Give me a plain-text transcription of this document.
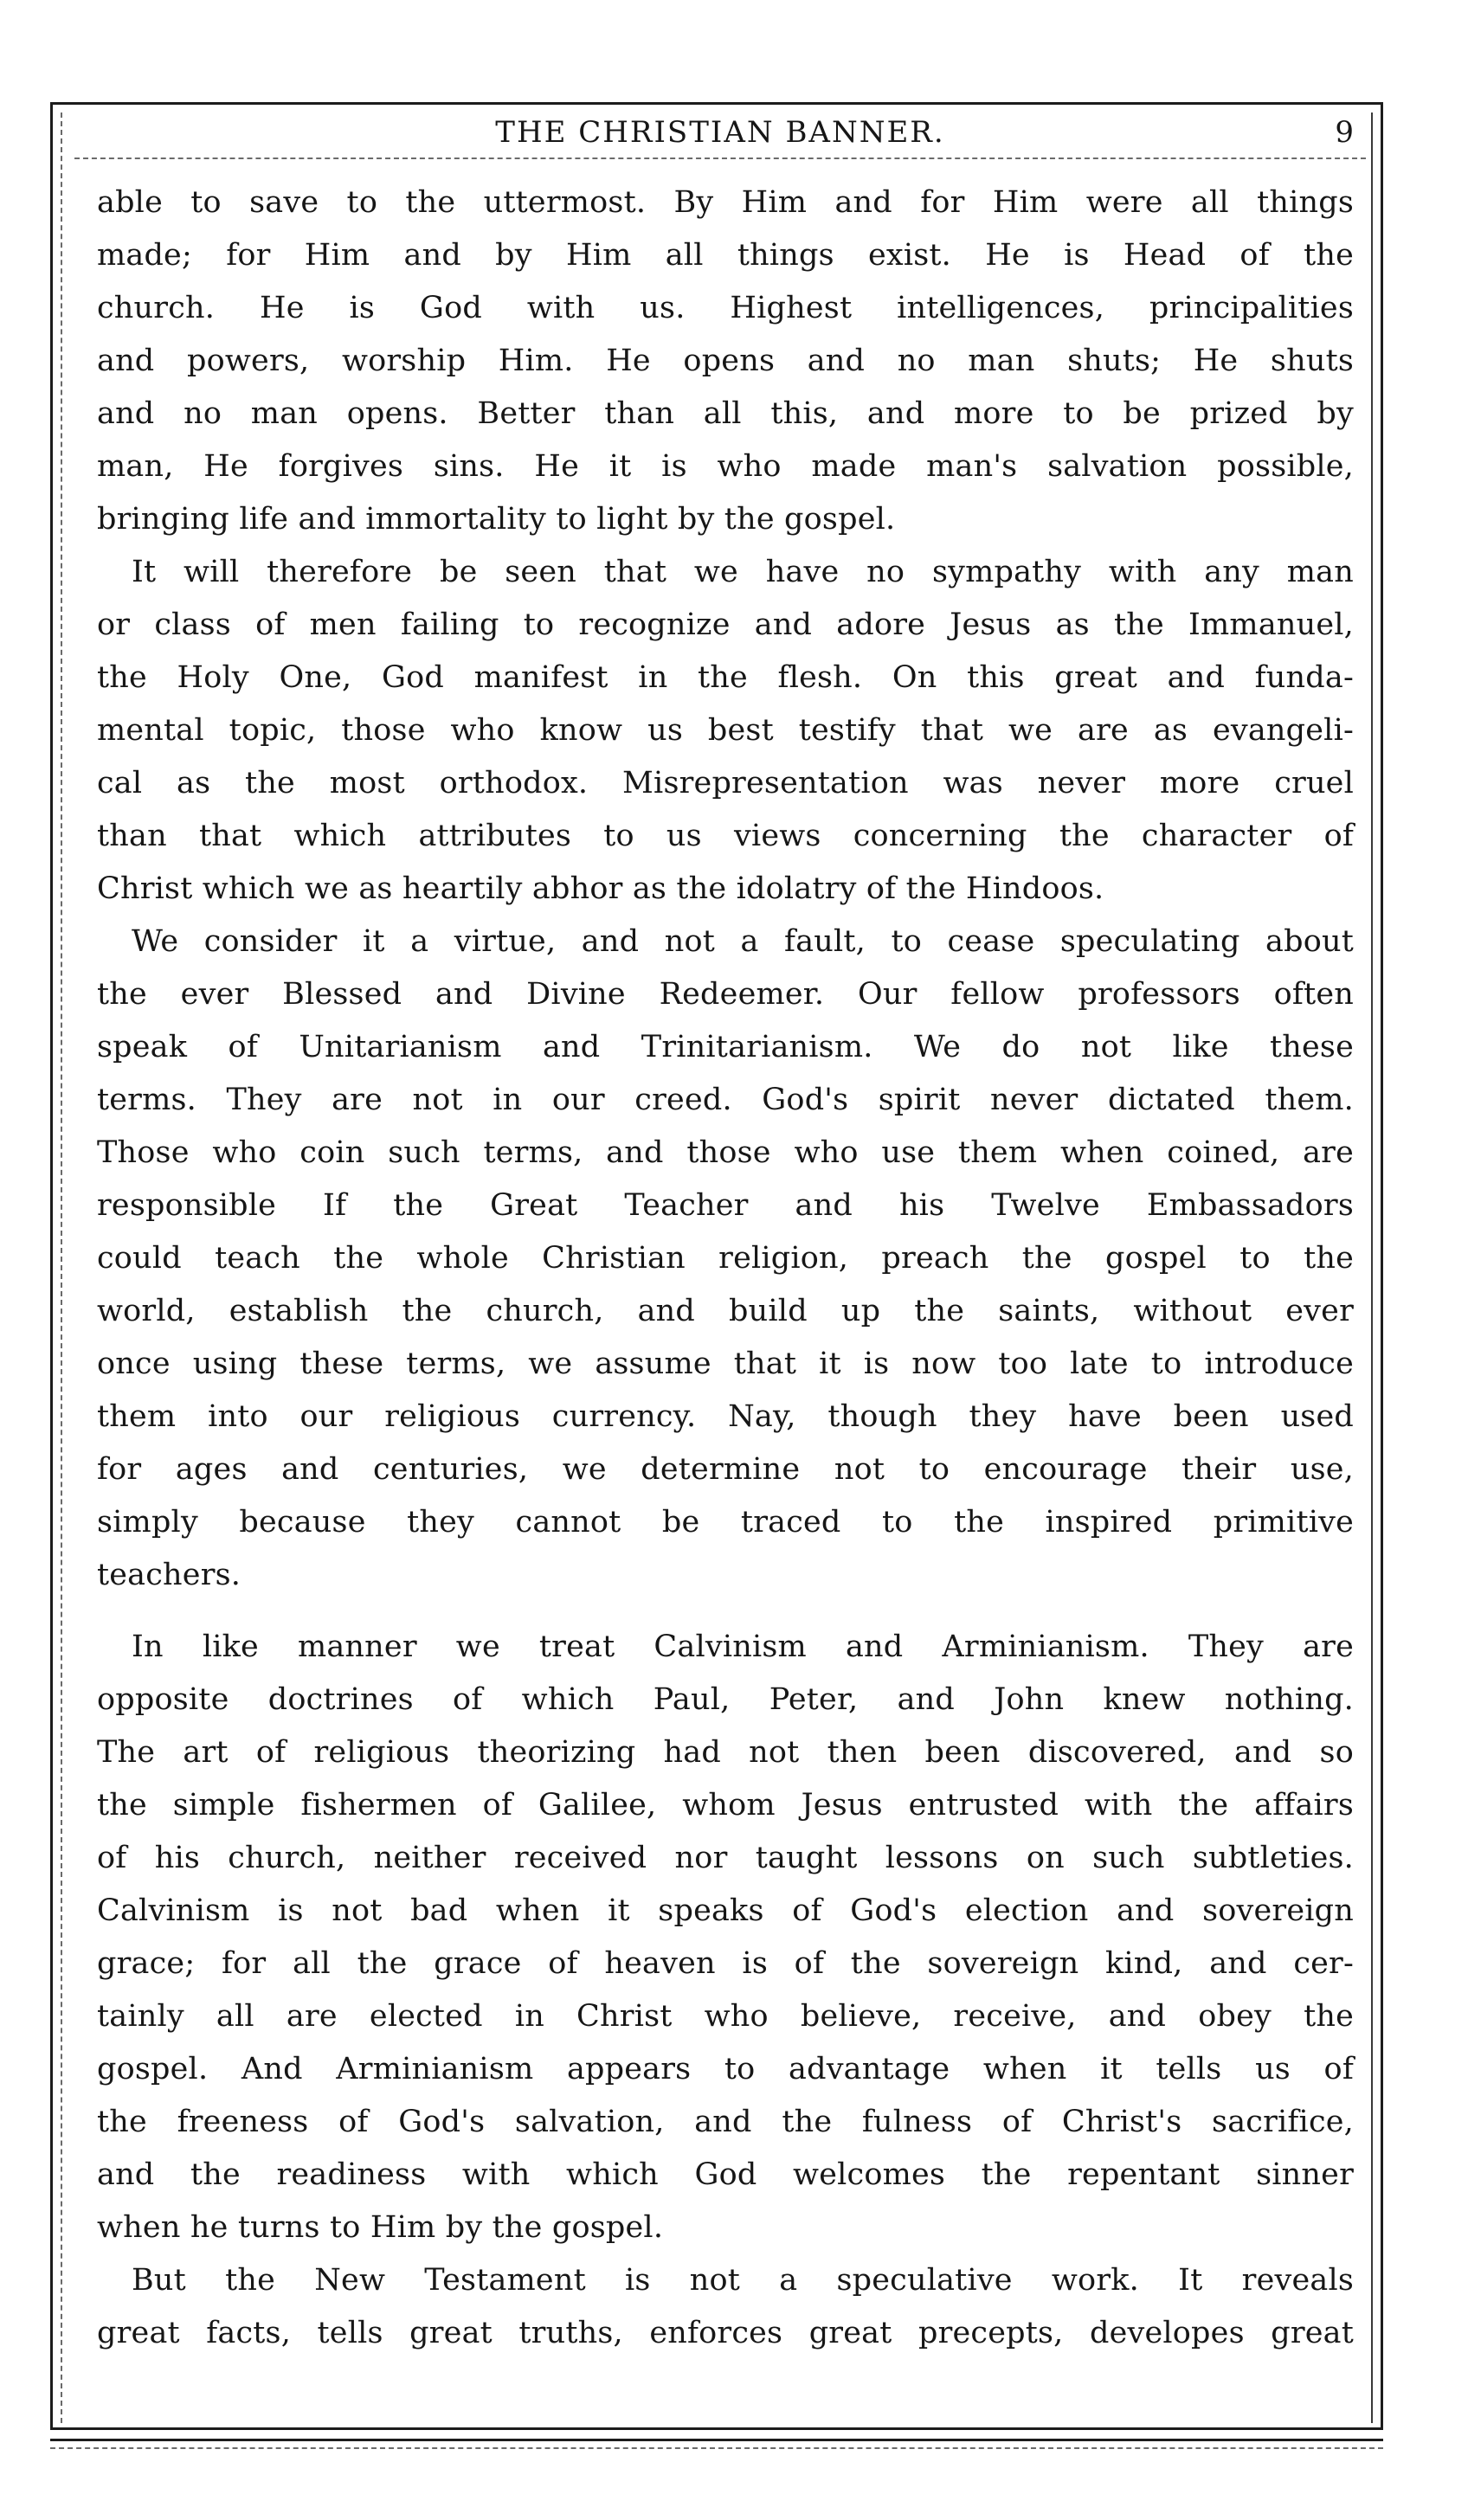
THE CHRISTIAN BANNER.	9
able to save to the uttermost. By Him and for Him were all things
made; for Him and by Him all things exist. He is Head of the
church. He is God with us. Highest intelligences, principalities
and powers, worship Him. He opens and no man shuts; He shuts
and no man opens. Better than all this, and more to be prized by
man, He forgives sins. He it is who made man's salvation possible,
bringing life and immortality to light by the gospel.
It will therefore be seen that we have no sympathy with any man
or class of men failing to recognize and adore Jesus as the Immanuel,
the Holy One, God manifest in the flesh. On this great and funda-
mental topic, those who know us best testify that we are as evangeli-
cal as the most orthodox. Misrepresentation was never more cruel
than that which attributes to us views concerning the character of
Christ which we as heartily abhor as the idolatry of the Hindoos.
We consider it a virtue, and not a fault, to cease speculating about
the ever Blessed and Divine Redeemer. Our fellow professors often
speak of Unitarianism and Trinitarianism. We do not like these
terms. They are not in our creed. God's spirit never dictated them.
Those who coin such terms, and those who use them when coined, are
responsible If the Great Teacher and his Twelve Embassadors
could teach the whole Christian religion, preach the gospel to the
world, establish the church, and build up the saints, without ever
once using these terms, we assume that it is now too late to introduce
them into our religious currency. Nay, though they have been used
for ages and centuries, we determine not to encourage their use,
simply because they cannot be traced to the inspired primitive
teachers.
In like manner we treat Calvinism and Arminianism. They are
opposite doctrines of which Paul, Peter, and John knew nothing.
The art of religious theorizing had not then been discovered, and so
the simple fishermen of Galilee, whom Jesus entrusted with the affairs
of his church, neither received nor taught lessons on such subtleties.
Calvinism is not bad when it speaks of God's election and sovereign
grace; for all the grace of heaven is of the sovereign kind, and cer-
tainly all are elected in Christ who believe, receive, and obey the
gospel. And Arminianism appears to advantage when it tells us of
the freeness of God's salvation, and the fulness of Christ's sacrifice,
and the readiness with which God welcomes the repentant sinner
when he turns to Him by the gospel.
But the New Testament is not a speculative work. It reveals
great facts, tells great truths, enforces great precepts, developes great
